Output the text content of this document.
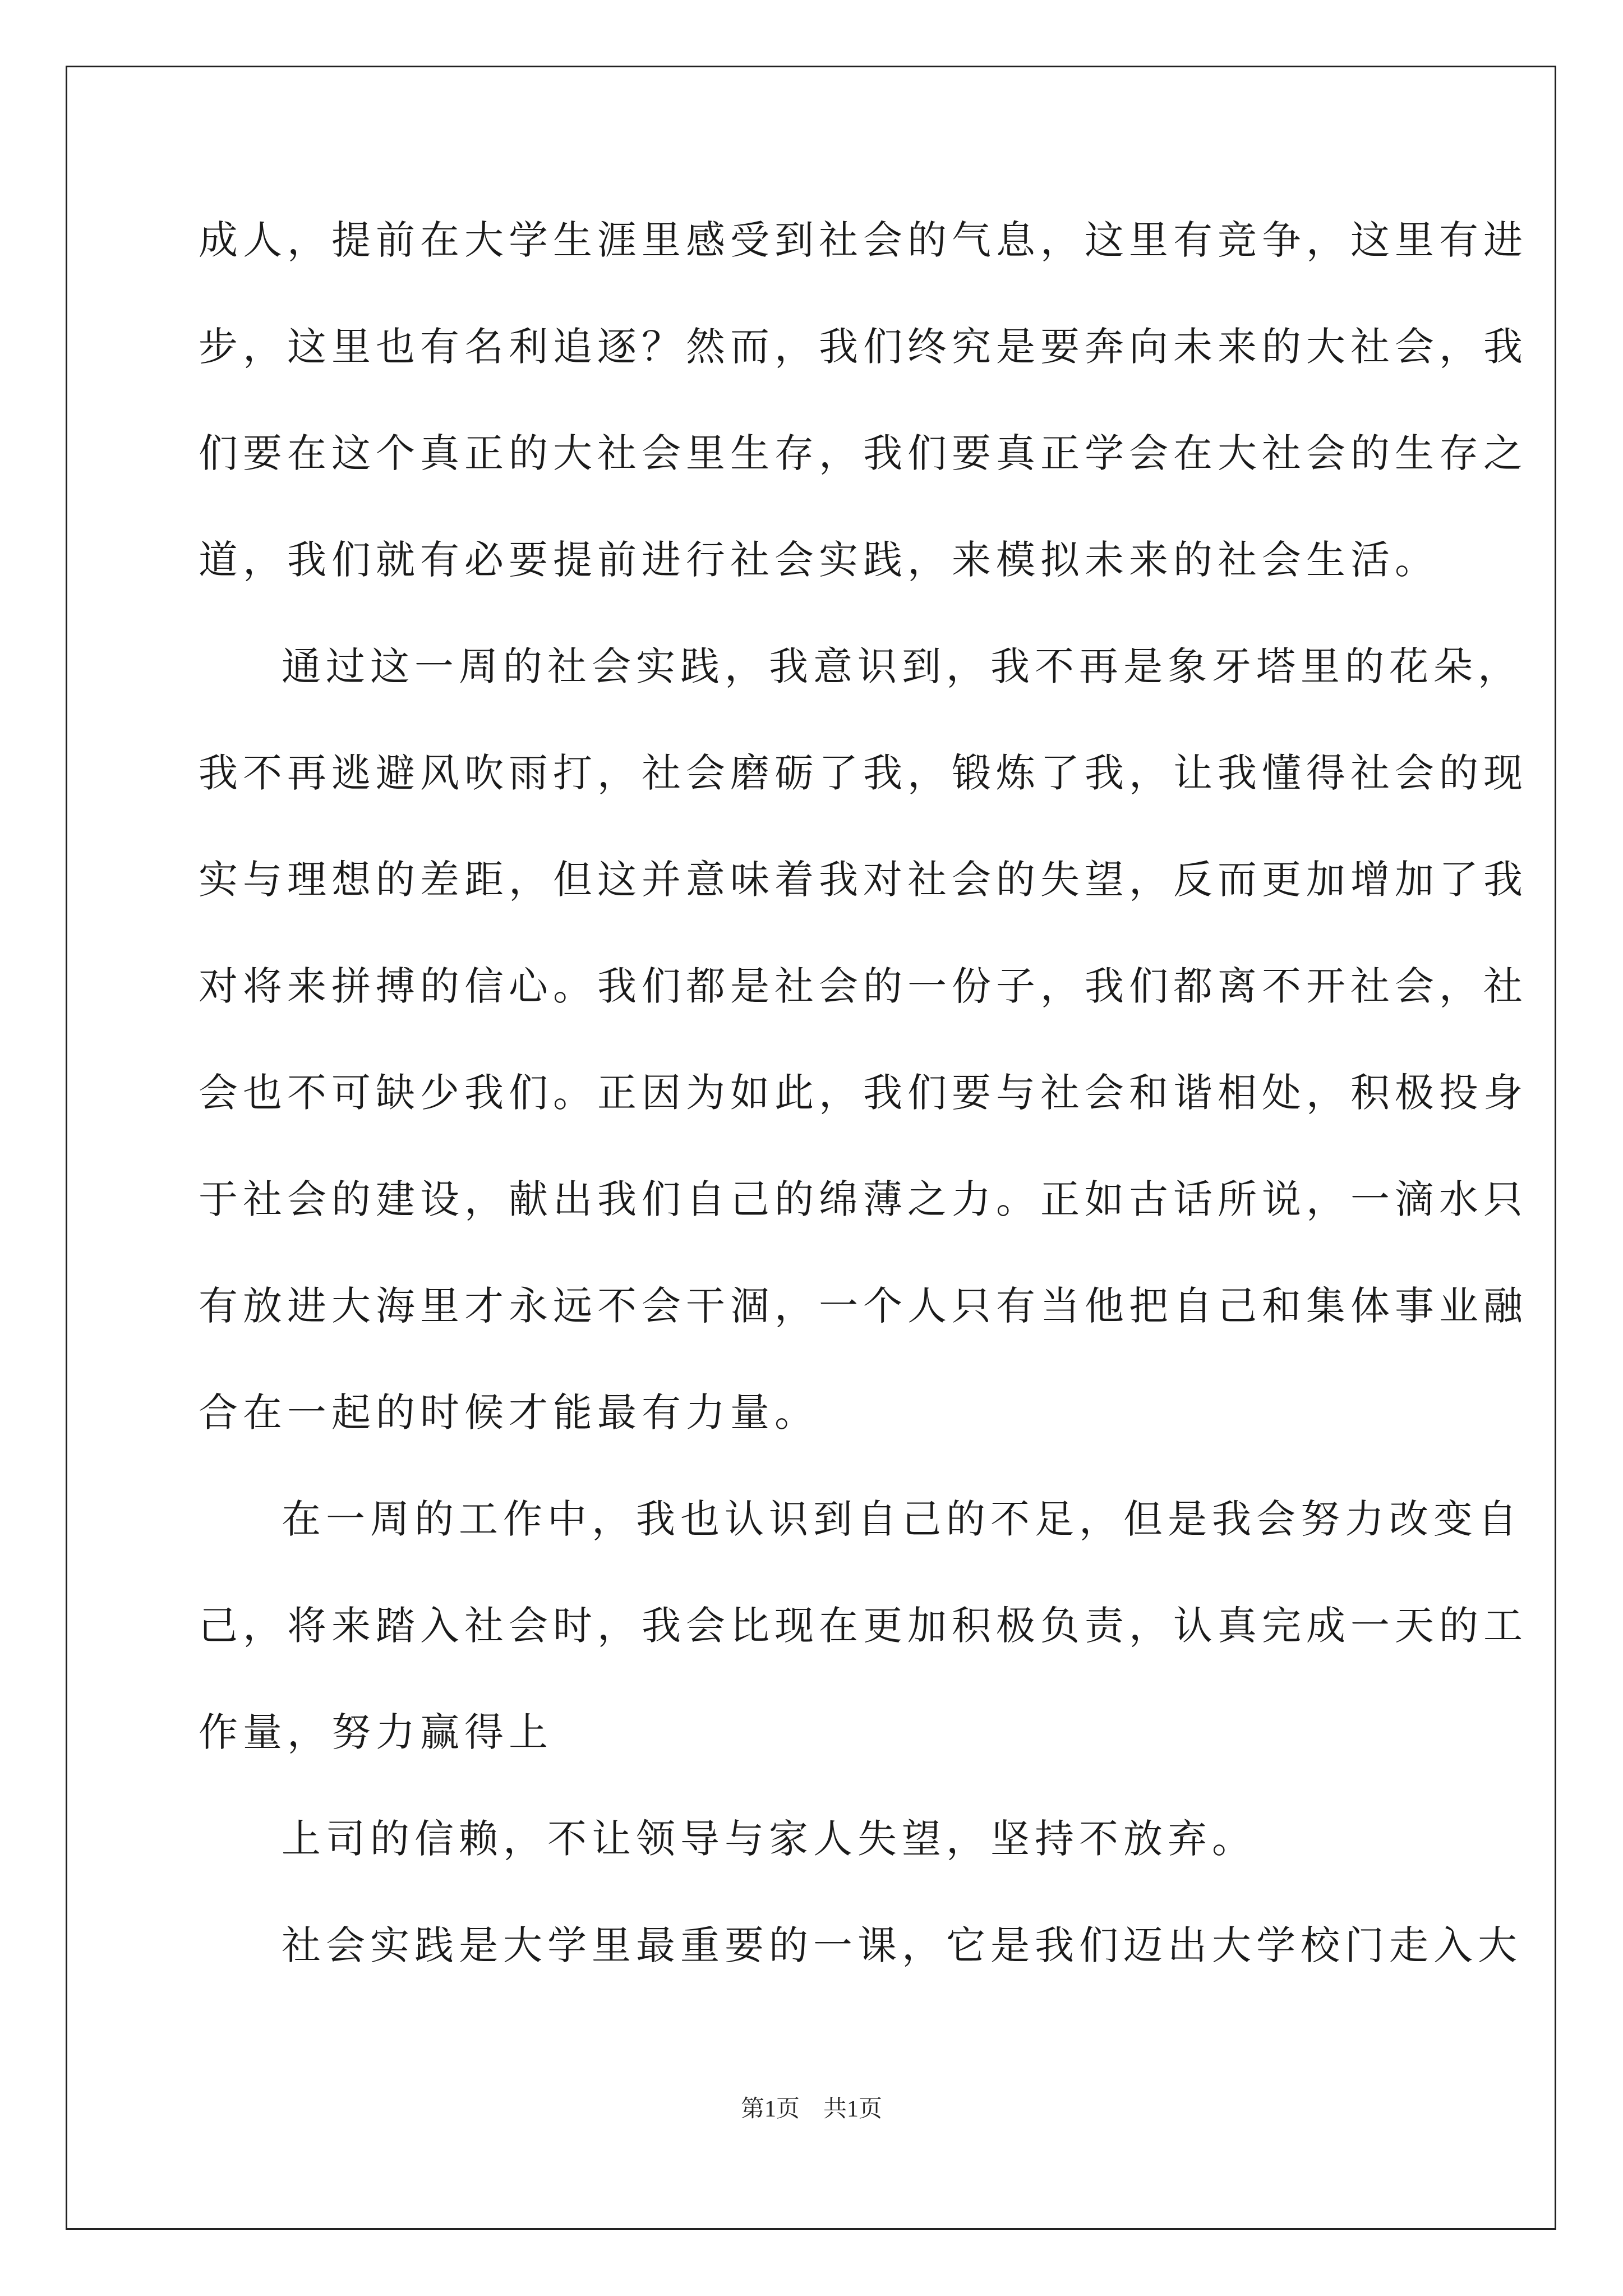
成人，提前在大学生涯里感受到社会的气息，这里有竞争，这里有进
步，这里也有名利追逐？然而，我们终究是要奔向未来的大社会，我
们要在这个真正的大社会里生存，我们要真正学会在大社会的生存之
道，我们就有必要提前进行社会实践，来模拟未来的社会生活。
通过这一周的社会实践，我意识到，我不再是象牙塔里的花朵，
我不再逃避风吹雨打，社会磨砺了我，锻炼了我，让我懂得社会的现
实与理想的差距，但这并意味着我对社会的失望，反而更加增加了我
对将来拼搏的信心。我们都是社会的一份子，我们都离不开社会，社
会也不可缺少我们。正因为如此，我们要与社会和谐相处，积极投身
于社会的建设，献出我们自己的绵薄之力。正如古话所说，一滴水只
有放进大海里才永远不会干涸，一个人只有当他把自己和集体事业融
合在一起的时候才能最有力量。
在一周的工作中，我也认识到自己的不足，但是我会努力改变自
己，将来踏入社会时，我会比现在更加积极负责，认真完成一天的工
作量，努力赢得上
上司的信赖，不让领导与家人失望，坚持不放弃。
社会实践是大学里最重要的一课，它是我们迈出大学校门走入大
第1页　共1页
